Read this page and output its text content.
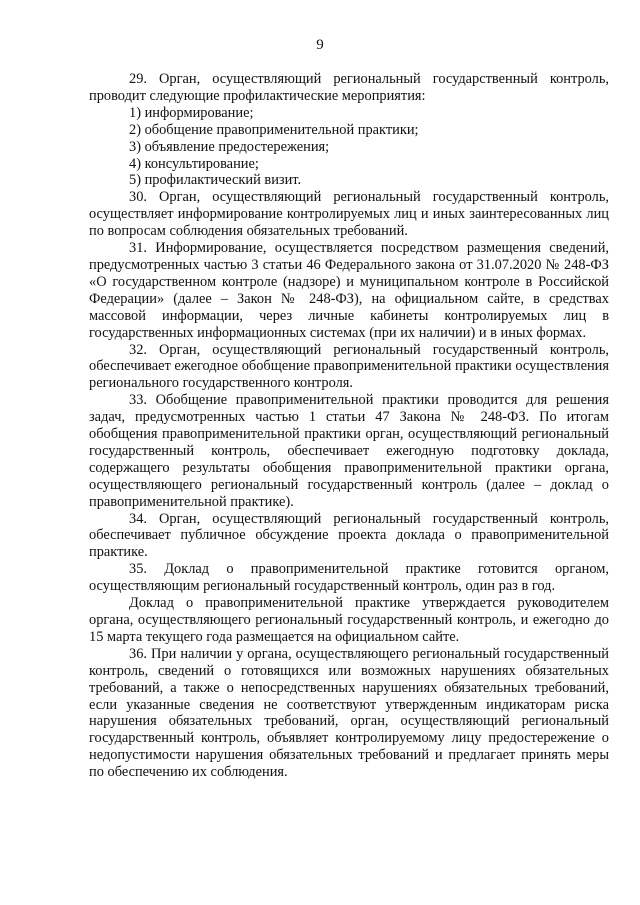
9

29. Орган, осуществляющий региональный государственный контроль, проводит следующие профилактические мероприятия:

1) информирование;

2) обобщение правоприменительной практики;

3) объявление предостережения;

4) консультирование;

5) профилактический визит.

30. Орган, осуществляющий региональный государственный контроль, осуществляет информирование контролируемых лиц и иных заинтересованных лиц по вопросам соблюдения обязательных требований.

31. Информирование, осуществляется посредством размещения сведений, предусмотренных частью 3 статьи 46 Федерального закона от 31.07.2020 № 248-ФЗ «О государственном контроле (надзоре) и муниципальном контроле в Российской Федерации» (далее – Закон № 248-ФЗ), на официальном сайте, в средствах массовой информации, через личные кабинеты контролируемых лиц в государственных информационных системах (при их наличии) и в иных формах.

32. Орган, осуществляющий региональный государственный контроль, обеспечивает ежегодное обобщение правоприменительной практики осуществления регионального государственного контроля.

33. Обобщение правоприменительной практики проводится для решения задач, предусмотренных частью 1 статьи 47 Закона № 248-ФЗ. По итогам обобщения правоприменительной практики орган, осуществляющий региональный государственный контроль, обеспечивает ежегодную подготовку доклада, содержащего результаты обобщения правоприменительной практики органа, осуществляющего региональный государственный контроль (далее – доклад о правоприменительной практике).

34. Орган, осуществляющий региональный государственный контроль, обеспечивает публичное обсуждение проекта доклада о правоприменительной практике.

35. Доклад о правоприменительной практике готовится органом, осуществляющим региональный государственный контроль, один раз в год.

Доклад о правоприменительной практике утверждается руководителем органа, осуществляющего региональный государственный контроль, и ежегодно до 15 марта текущего года размещается на официальном сайте.

36. При наличии у органа, осуществляющего региональный государственный контроль, сведений о готовящихся или возможных нарушениях обязательных требований, а также о непосредственных нарушениях обязательных требований, если указанные сведения не соответствуют утвержденным индикаторам риска нарушения обязательных требований, орган, осуществляющий региональный государственный контроль, объявляет контролируемому лицу предостережение о недопустимости нарушения обязательных требований и предлагает принять меры по обеспечению их соблюдения.
